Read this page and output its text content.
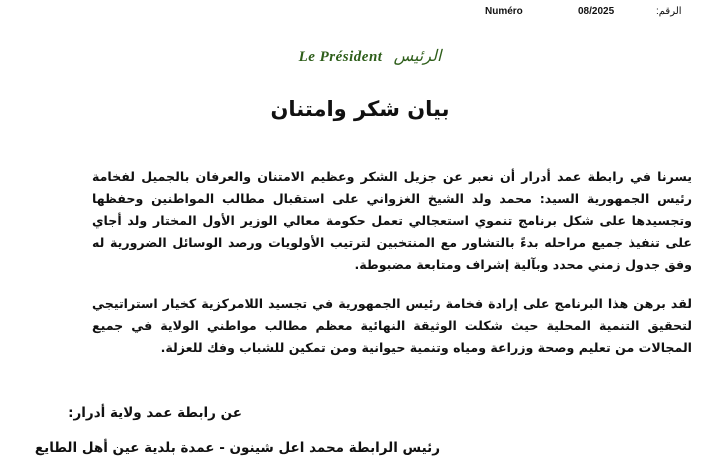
Numéro	08/2025	الرقم:
Le Président الرئيس
بيان شكر وامتنان

يسرنا في رابطة عمد أدرار أن نعبر عن جزيل الشكر وعظيم الامتنان والعرفان بالجميل لفخامة رئيس الجمهورية السيد: محمد ولد الشيخ الغزواني على استقبال مطالب المواطنين وحفظها وتجسيدها على شكل برنامج تنموي استعجالي تعمل حكومة معالي الوزير الأول المختار ولد أجاي على تنفيذ جميع مراحله بدءً بالتشاور مع المنتخبين لترتيب الأولويات ورصد الوسائل الضرورية له وفق جدول زمني محدد وبآلية إشراف ومتابعة مضبوطة.

لقد برهن هذا البرنامج على إرادة فخامة رئيس الجمهورية في تجسيد اللامركزية كخيار استراتيجي لتحقيق التنمية المحلية حيث شكلت الوثيقة النهائية معظم مطالب مواطني الولاية في جميع المجالات من تعليم وصحة وزراعة ومياه وتنمية حيوانية ومن تمكين للشباب وفك للعزلة.

عن رابطة عمد ولاية أدرار:
رئيس الرابطة محمد اعل شينون - عمدة بلدية عين أهل الطايع
